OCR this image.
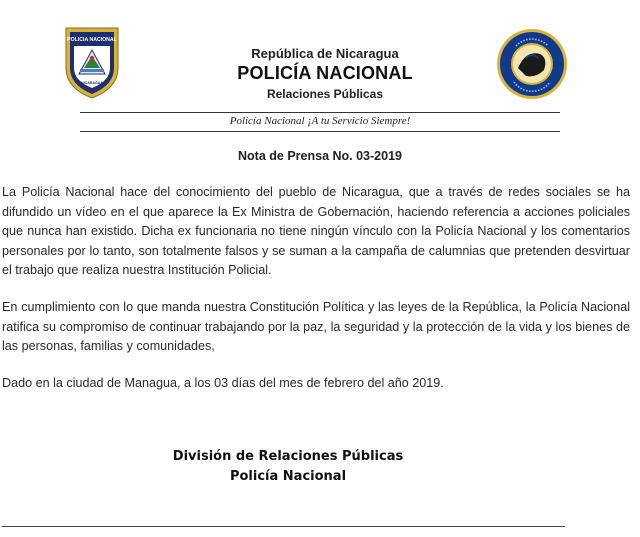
POLICIA NACIONAL
NICARAGUA
República de Nicaragua
POLICÍA NACIONAL
Relaciones Públicas
Policía Nacional ¡A tu Servicio Siempre!
Nota de Prensa No. 03-2019

La Policía Nacional hace del conocimiento del pueblo de Nicaragua, que a través de redes sociales se ha difundido un vídeo en el que aparece la Ex Ministra de Gobernación, haciendo referencia a acciones policiales que nunca han existido. Dicha ex funcionaria no tiene ningún vínculo con la Policía Nacional y los comentarios personales por lo tanto, son totalmente falsos y se suman a la campaña de calumnias que pretenden desvirtuar el trabajo que realiza nuestra Institución Policial.

En cumplimiento con lo que manda nuestra Constitución Política y las leyes de la República, la Policía Nacional ratifica su compromiso de continuar trabajando por la paz, la seguridad y la protección de la vida y los bienes de las personas, familias y comunidades,

Dado en la ciudad de Managua, a los 03 días del mes de febrero del año 2019.

División de Relaciones Públicas
Policía Nacional
